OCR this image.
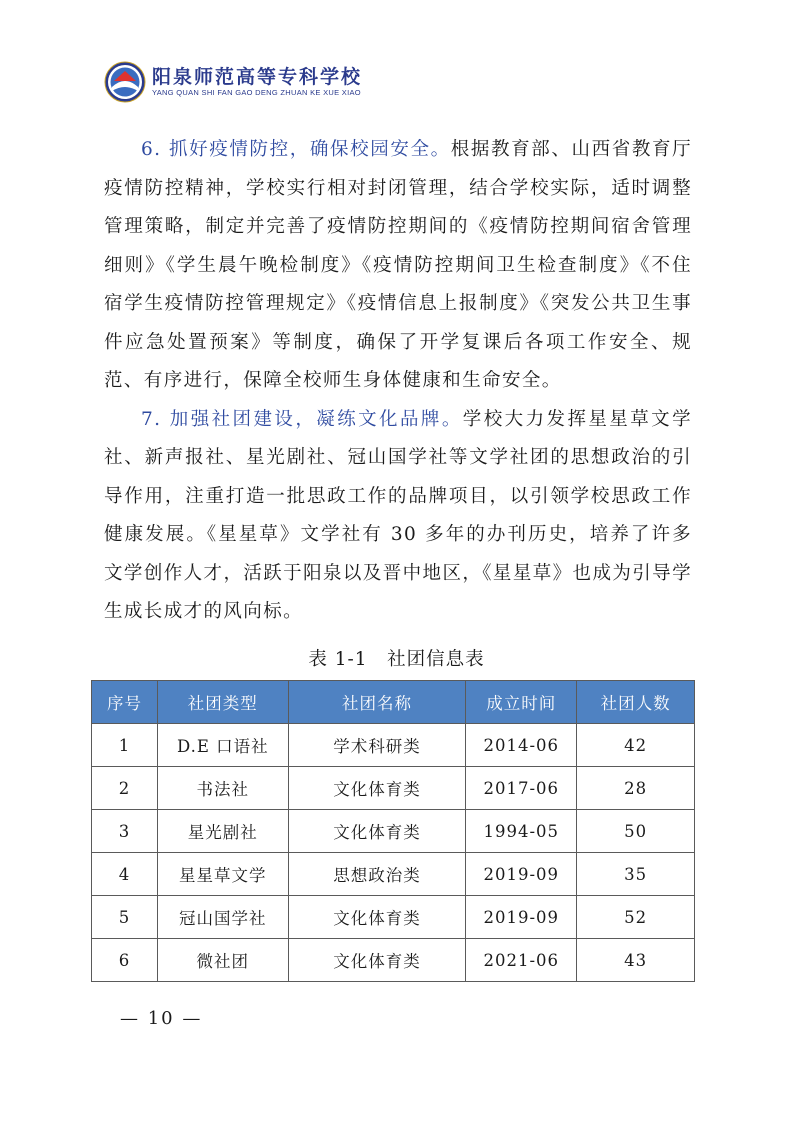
阳泉师范高等专科学校
YANG QUAN SHI FAN GAO DENG ZHUAN KE XUE XIAO

6. 抓好疫情防控，确保校园安全。根据教育部、山西省教育厅疫情防控精神，学校实行相对封闭管理，结合学校实际，适时调整管理策略，制定并完善了疫情防控期间的《疫情防控期间宿舍管理细则》《学生晨午晚检制度》《疫情防控期间卫生检查制度》《不住宿学生疫情防控管理规定》《疫情信息上报制度》《突发公共卫生事件应急处置预案》等制度，确保了开学复课后各项工作安全、规范、有序进行，保障全校师生身体健康和生命安全。

7. 加强社团建设，凝练文化品牌。学校大力发挥星星草文学社、新声报社、星光剧社、冠山国学社等文学社团的思想政治的引导作用，注重打造一批思政工作的品牌项目，以引领学校思政工作健康发展。《星星草》文学社有 30 多年的办刊历史，培养了许多文学创作人才，活跃于阳泉以及晋中地区，《星星草》也成为引导学生成长成才的风向标。

表 1-1　社团信息表
序号	社团类型	社团名称	成立时间	社团人数
1	D.E 口语社	学术科研类	2014-06	42
2	书法社	文化体育类	2017-06	28
3	星光剧社	文化体育类	1994-05	50
4	星星草文学	思想政治类	2019-09	35
5	冠山国学社	文化体育类	2019-09	52
6	微社团	文化体育类	2021-06	43
— 10 —
